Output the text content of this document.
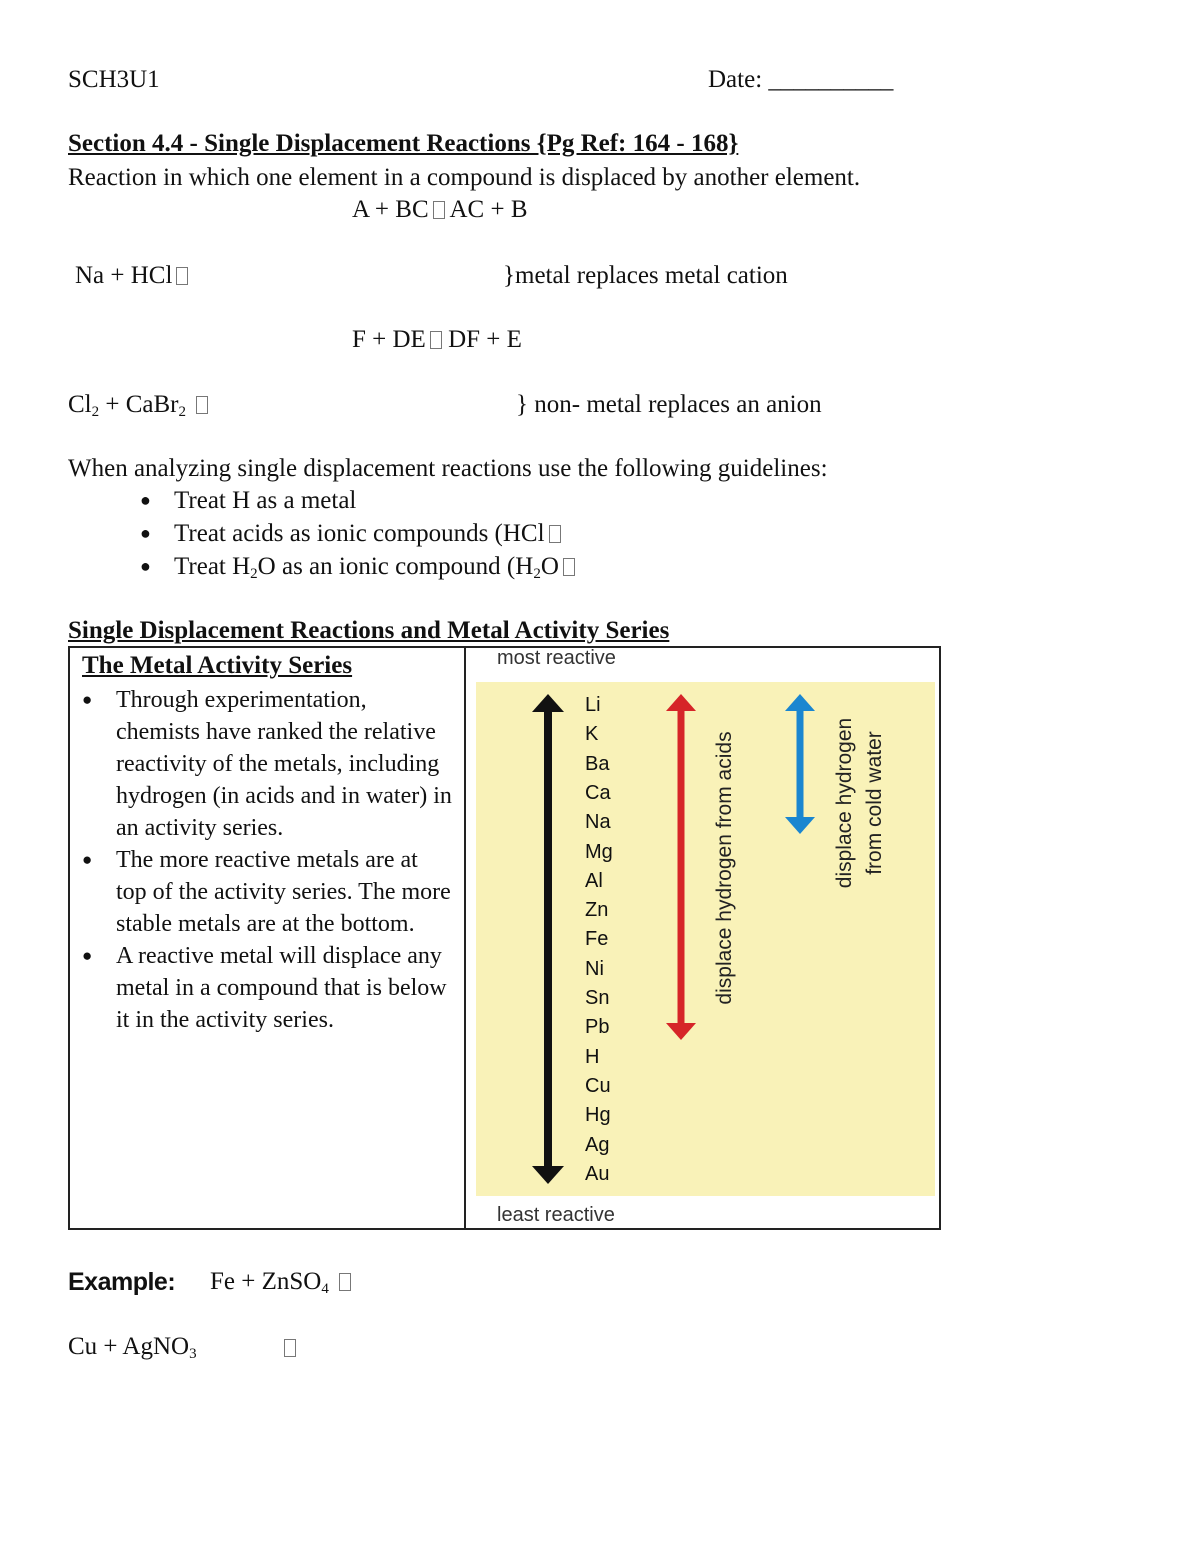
SCH3U1	Date: __________
Section 4.4 - Single Displacement Reactions {Pg Ref: 164 - 168}
Reaction in which one element in a compound is displaced by another element.
A + BC AC + B
Na + HCl	}metal replaces metal cation
F + DE DF + E
$Cl_2$ + CaBr$_2$	} non- metal replaces an anion
When analyzing single displacement reactions use the following guidelines:
● Treat H as a metal
● Treat acids as ionic compounds (HCl
● Treat $H_2O$ as an ionic compound ($H_2O$
Single Displacement Reactions and Metal Activity Series
The Metal Activity Series
● Through experimentation, chemists have ranked the relative reactivity of the metals, including hydrogen (in acids and in water) in an activity series.
● The more reactive metals are at top of the activity series. The more stable metals are at the bottom.
● A reactive metal will displace any metal in a compound that is below it in the activity series.
most reactive
least reactive
Li
K
Ba
Ca
Na
Mg
Al
Zn
Fe
Ni
Sn
Pb
H
Cu
Hg
Ag
Au
displace hydrogen from acids	displace hydrogen from cold water
Example: Fe + ZnSO$_4$
Cu + AgNO$_3$
